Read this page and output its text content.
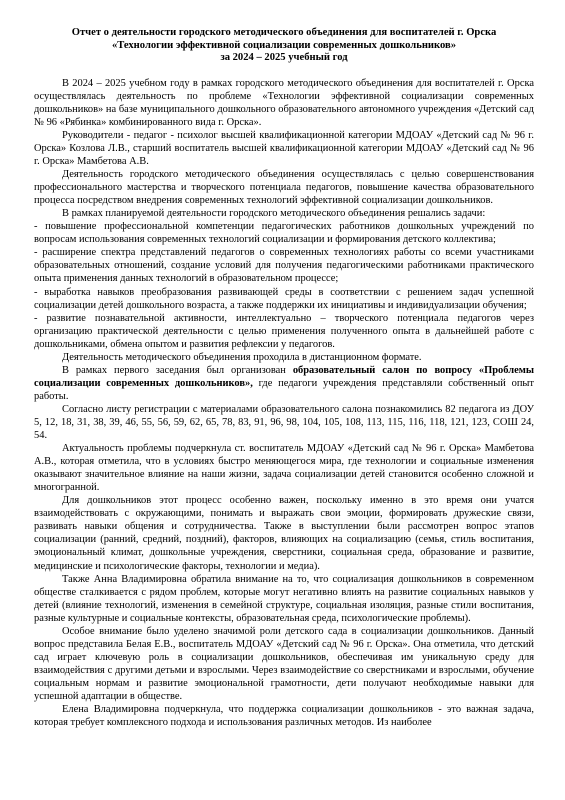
Отчет о деятельности городского методического объединения для воспитателей г. Орска
«Технологии эффективной социализации современных дошкольников»
за 2024 – 2025 учебный год

В 2024 – 2025 учебном году в рамках городского методического объединения для воспитателей г. Орска осуществлялась деятельность по проблеме «Технологии эффективной социализации современных дошкольников» на базе муниципального дошкольного образовательного автономного учреждения «Детский сад № 96 «Рябинка» комбинированного вида г. Орска».

Руководители - педагог - психолог высшей квалификационной категории МДОАУ «Детский сад № 96 г. Орска» Козлова Л.В., старший воспитатель высшей квалификационной категории МДОАУ «Детский сад № 96 г. Орска» Мамбетова А.В.

Деятельность городского методического объединения осуществлялась с целью совершенствования профессионального мастерства и творческого потенциала педагогов, повышение качества образовательного процесса посредством внедрения современных технологий эффективной социализации дошкольников.

В рамках планируемой деятельности городского методического объединения решались задачи:

- повышение профессиональной компетенции педагогических работников дошкольных учреждений по вопросам использования современных технологий социализации и формирования детского коллектива;

- расширение спектра представлений педагогов о современных технологиях работы со всеми участниками образовательных отношений, создание условий для получения педагогическими работниками практического опыта применения данных технологий в образовательном процессе;

- выработка навыков преобразования развивающей среды в соответствии с решением задач успешной социализации детей дошкольного возраста, а также поддержки их инициативы и индивидуализации обучения;

- развитие познавательной активности, интеллектуально – творческого потенциала педагогов через организацию практической деятельности с целью применения полученного опыта в дальнейшей работе с дошкольниками, обмена опытом и развития рефлексии у педагогов.

Деятельность методического объединения проходила в дистанционном формате.

В рамках первого заседания был организован образовательный салон по вопросу «Проблемы социализации современных дошкольников», где педагоги учреждения представляли собственный опыт работы.

Согласно листу регистрации с материалами образовательного салона познакомились 82 педагога из ДОУ 5, 12, 18, 31, 38, 39, 46, 55, 56, 59, 62, 65, 78, 83, 91, 96, 98, 104, 105, 108, 113, 115, 116, 118, 121, 123, СОШ 24, 54.

Актуальность проблемы подчеркнула ст. воспитатель МДОАУ «Детский сад № 96 г. Орска» Мамбетова А.В., которая отметила, что в условиях быстро меняющегося мира, где технологии и социальные изменения оказывают значительное влияние на наши жизни, задача социализации детей становится особенно сложной и многогранной.

Для дошкольников этот процесс особенно важен, поскольку именно в это время они учатся взаимодействовать с окружающими, понимать и выражать свои эмоции, формировать дружеские связи, развивать навыки общения и сотрудничества. Также в выступлении были рассмотрен вопрос этапов социализации (ранний, средний, поздний), факторов, влияющих на социализацию (семья, стиль воспитания, эмоциональный климат, дошкольные учреждения, сверстники, социальная среда, образование и развитие, медицинские и психологические факторы, технологии и медиа).

Также Анна Владимировна обратила внимание на то, что социализация дошкольников в современном обществе сталкивается с рядом проблем, которые могут негативно влиять на развитие социальных навыков у детей (влияние технологий, изменения в семейной структуре, социальная изоляция, разные стили воспитания, разные культурные и социальные контексты, образовательная среда, психологические проблемы).

Особое внимание было уделено значимой роли детского сада в социализации дошкольников. Данный вопрос представила Белая Е.В., воспитатель МДОАУ «Детский сад № 96 г. Орска». Она отметила, что детский сад играет ключевую роль в социализации дошкольников, обеспечивая им уникальную среду для взаимодействия с другими детьми и взрослыми. Через взаимодействие со сверстниками и взрослыми, обучение социальным нормам и развитие эмоциональной грамотности, дети получают необходимые навыки для успешной адаптации в обществе.

Елена Владимировна подчеркнула, что поддержка социализации дошкольников - это важная задача, которая требует комплексного подхода и использования различных методов. Из наиболее
